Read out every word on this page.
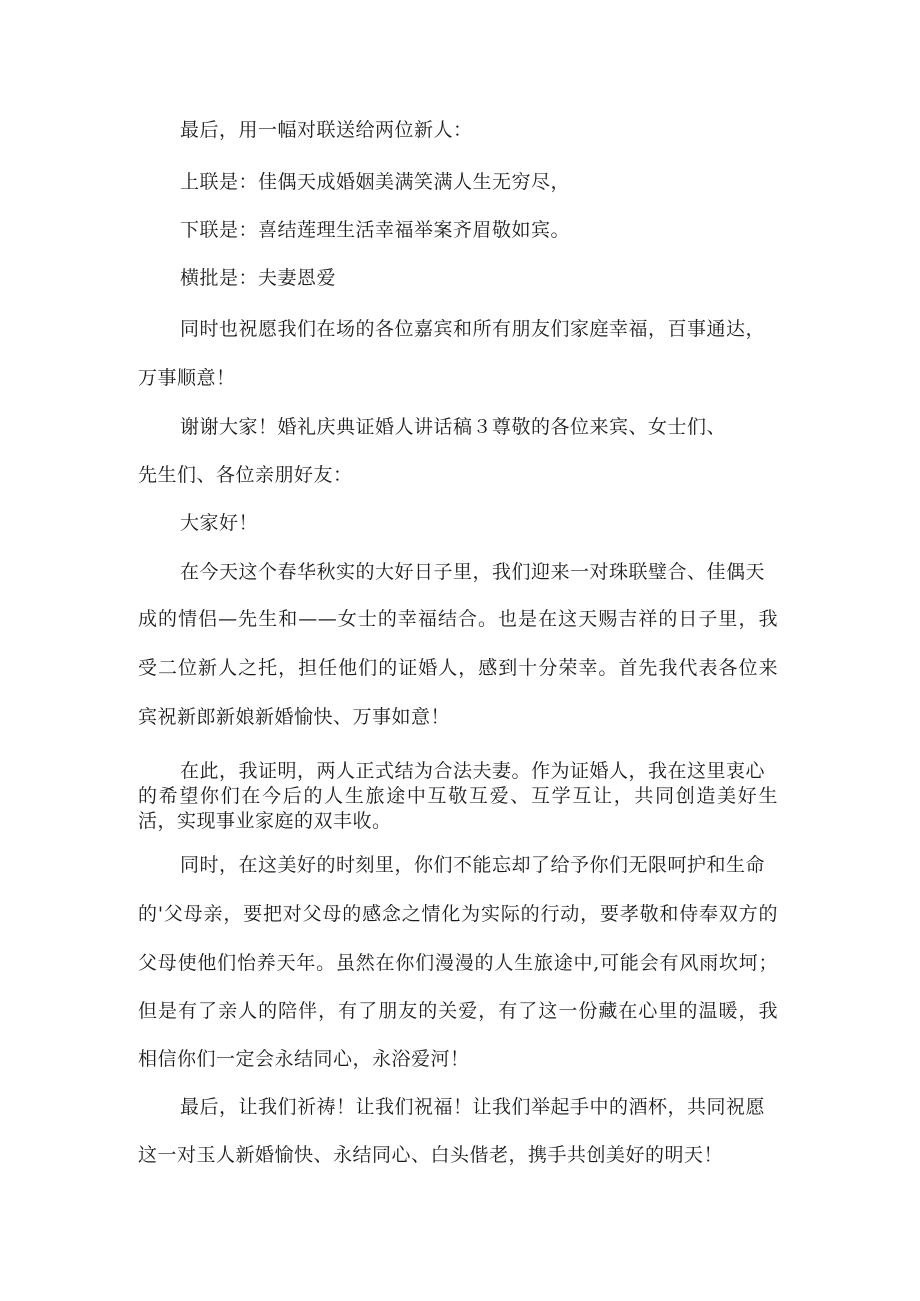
最后，用一幅对联送给两位新人：
上联是：佳偶天成婚姻美满笑满人生无穷尽，
下联是：喜结莲理生活幸福举案齐眉敬如宾。
横批是：夫妻恩爱
同时也祝愿我们在场的各位嘉宾和所有朋友们家庭幸福，百事通达，
万事顺意！
谢谢大家！婚礼庆典证婚人讲话稿３尊敬的各位来宾、女士们、
先生们、各位亲朋好友：
大家好！
在今天这个春华秋实的大好日子里，我们迎来一对珠联璧合、佳偶天
成的情侣—先生和——女士的幸福结合。也是在这天赐吉祥的日子里，我
受二位新人之托，担任他们的证婚人，感到十分荣幸。首先我代表各位来
宾祝新郎新娘新婚愉快、万事如意！
在此，我证明，两人正式结为合法夫妻。作为证婚人，我在这里衷心
的希望你们在今后的人生旅途中互敬互爱、互学互让，共同创造美好生
活，实现事业家庭的双丰收。
同时，在这美好的时刻里，你们不能忘却了给予你们无限呵护和生命
的'父母亲，要把对父母的感念之情化为实际的行动，要孝敬和侍奉双方的
父母使他们怡养天年。虽然在你们漫漫的人生旅途中,可能会有风雨坎坷；
但是有了亲人的陪伴，有了朋友的关爱，有了这一份藏在心里的温暖，我
相信你们一定会永结同心，永浴爱河！
最后，让我们祈祷！让我们祝福！让我们举起手中的酒杯，共同祝愿
这一对玉人新婚愉快、永结同心、白头偕老，携手共创美好的明天！
